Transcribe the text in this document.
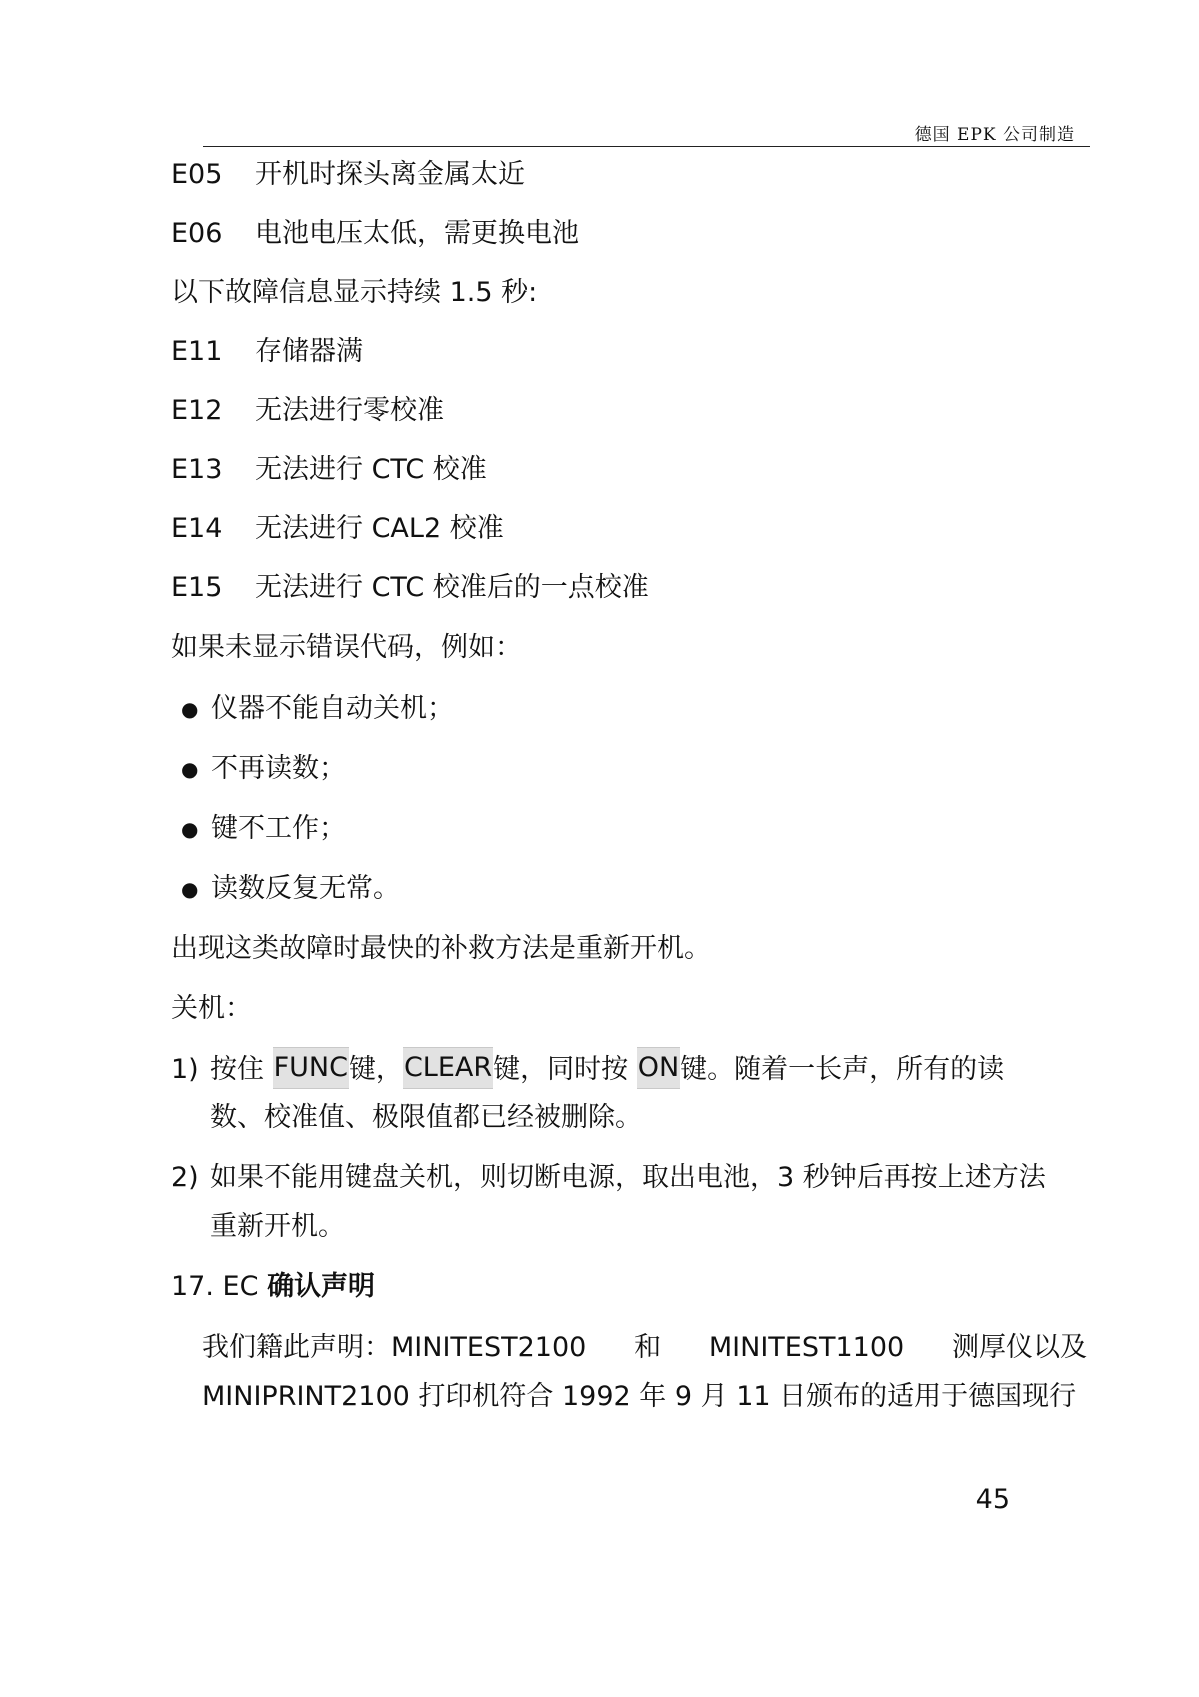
德国 EPK 公司制造
E05 开机时探头离金属太近
E06 电池电压太低，需更换电池
以下故障信息显示持续 1.5 秒:
E11 存储器满
E12 无法进行零校准
E13 无法进行 CTC 校准
E14 无法进行 CAL2 校准
E15 无法进行 CTC 校准后的一点校准
如果未显示错误代码，例如：
● 仪器不能自动关机；
● 不再读数；
● 键不工作；
● 读数反复无常。
出现这类故障时最快的补救方法是重新开机。
关机：
1) 按住 FUNC键，CLEAR键，同时按 ON键。随着一长声，所有的读
数、校准值、极限值都已经被删除。
2) 如果不能用键盘关机，则切断电源，取出电池，3 秒钟后再按上述方法
重新开机。
17. EC 确认声明
我们籍此声明：MINITEST2100 和 MINITEST1100 测厚仪以及
MINIPRINT2100 打印机符合 1992 年 9 月 11 日颁布的适用于德国现行
45
